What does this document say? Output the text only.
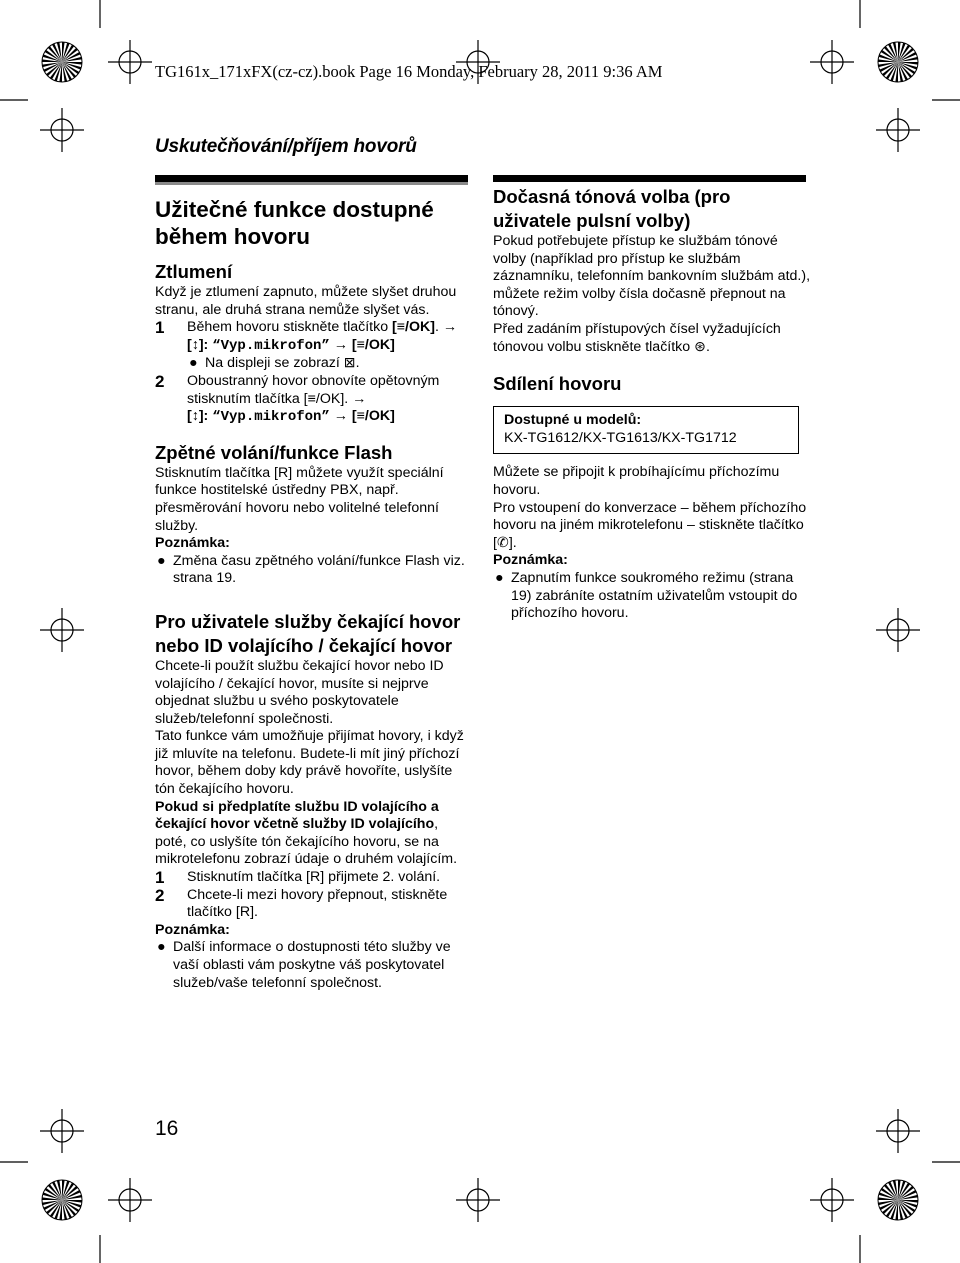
TG161x_171xFX(cz-cz).book Page 16 Monday, February 28, 2011 9:36 AM
Uskutečňování/příjem hovorů
Užitečné funkce dostupné během hovoru
Ztlumení

Když je ztlumení zapnuto, můžete slyšet druhou stranu, ale druhá strana nemůže slyšet vás.

1 Během hovoru stiskněte tlačítko [≡/OK]. →
[↕]: “Vyp.mikrofon” → [≡/OK]
● Na displeji se zobrazí ⊠.
2 Oboustranný hovor obnovíte opětovným stisknutím tlačítka [≡/OK]. →
[↕]: “Vyp.mikrofon” → [≡/OK]
Zpětné volání/funkce Flash

Stisknutím tlačítka [R] můžete využít speciální funkce hostitelské ústředny PBX, např. přesměrování hovoru nebo volitelné telefonní služby.

Poznámka:

● Změna času zpětného volání/funkce Flash viz. strana 19.
Pro uživatele služby čekající hovor nebo ID volajícího / čekající hovor

Chcete-li použít službu čekající hovor nebo ID volajícího / čekající hovor, musíte si nejprve objednat službu u svého poskytovatele služeb/telefonní společnosti.

Tato funkce vám umožňuje přijímat hovory, i když již mluvíte na telefonu. Budete-li mít jiný příchozí hovor, během doby kdy právě hovoříte, uslyšíte tón čekajícího hovoru.

Pokud si předplatíte službu ID volajícího a čekající hovor včetně služby ID volajícího, poté, co uslyšíte tón čekajícího hovoru, se na mikrotelefonu zobrazí údaje o druhém volajícím.

1 Stisknutím tlačítka [R] přijmete 2. volání.
2 Chcete-li mezi hovory přepnout, stiskněte tlačítko [R].

Poznámka:

● Další informace o dostupnosti této služby ve vaší oblasti vám poskytne váš poskytovatel služeb/vaše telefonní společnost.
Dočasná tónová volba (pro uživatele pulsní volby)

Pokud potřebujete přístup ke službám tónové volby (například pro přístup ke službám záznamníku, telefonním bankovním službám atd.), můžete režim volby čísla dočasně přepnout na tónový.

Před zadáním přístupových čísel vyžadujících tónovou volbu stiskněte tlačítko ⊛.

Sdílení hovoru
Dostupné u modelů:
KX-TG1612/KX-TG1613/KX-TG1712

Můžete se připojit k probíhajícímu příchozímu hovoru.

Pro vstoupení do konverzace – během příchozího hovoru na jiném mikrotelefonu – stiskněte tlačítko [✆].

Poznámka:

● Zapnutím funkce soukromého režimu (strana 19) zabráníte ostatním uživatelům vstoupit do příchozího hovoru.
16
